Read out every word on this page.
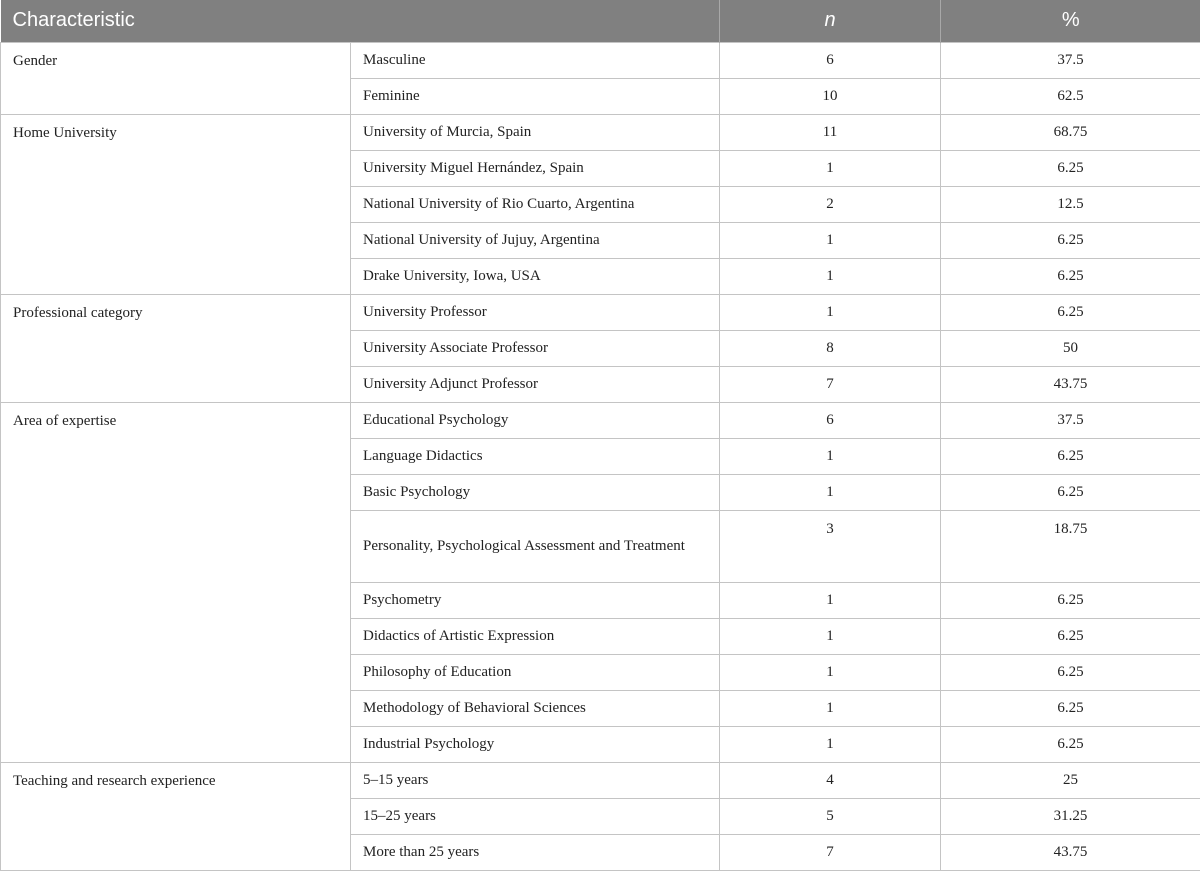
Characteristic		n	%
Gender	Masculine	6	37.5
	Feminine	10	62.5
Home University	University of Murcia, Spain	11	68.75
	University Miguel Hernández, Spain	1	6.25
	National University of Rio Cuarto, Argentina	2	12.5
	National University of Jujuy, Argentina	1	6.25
	Drake University, Iowa, USA	1	6.25
Professional category	University Professor	1	6.25
	University Associate Professor	8	50
	University Adjunct Professor	7	43.75
Area of expertise	Educational Psychology	6	37.5
	Language Didactics	1	6.25
	Basic Psychology	1	6.25
	Personality, Psychological Assessment and Treatment	3	18.75
	Psychometry	1	6.25
	Didactics of Artistic Expression	1	6.25
	Philosophy of Education	1	6.25
	Methodology of Behavioral Sciences	1	6.25
	Industrial Psychology	1	6.25
Teaching and research experience	5–15 years	4	25
	15–25 years	5	31.25
	More than 25 years	7	43.75
